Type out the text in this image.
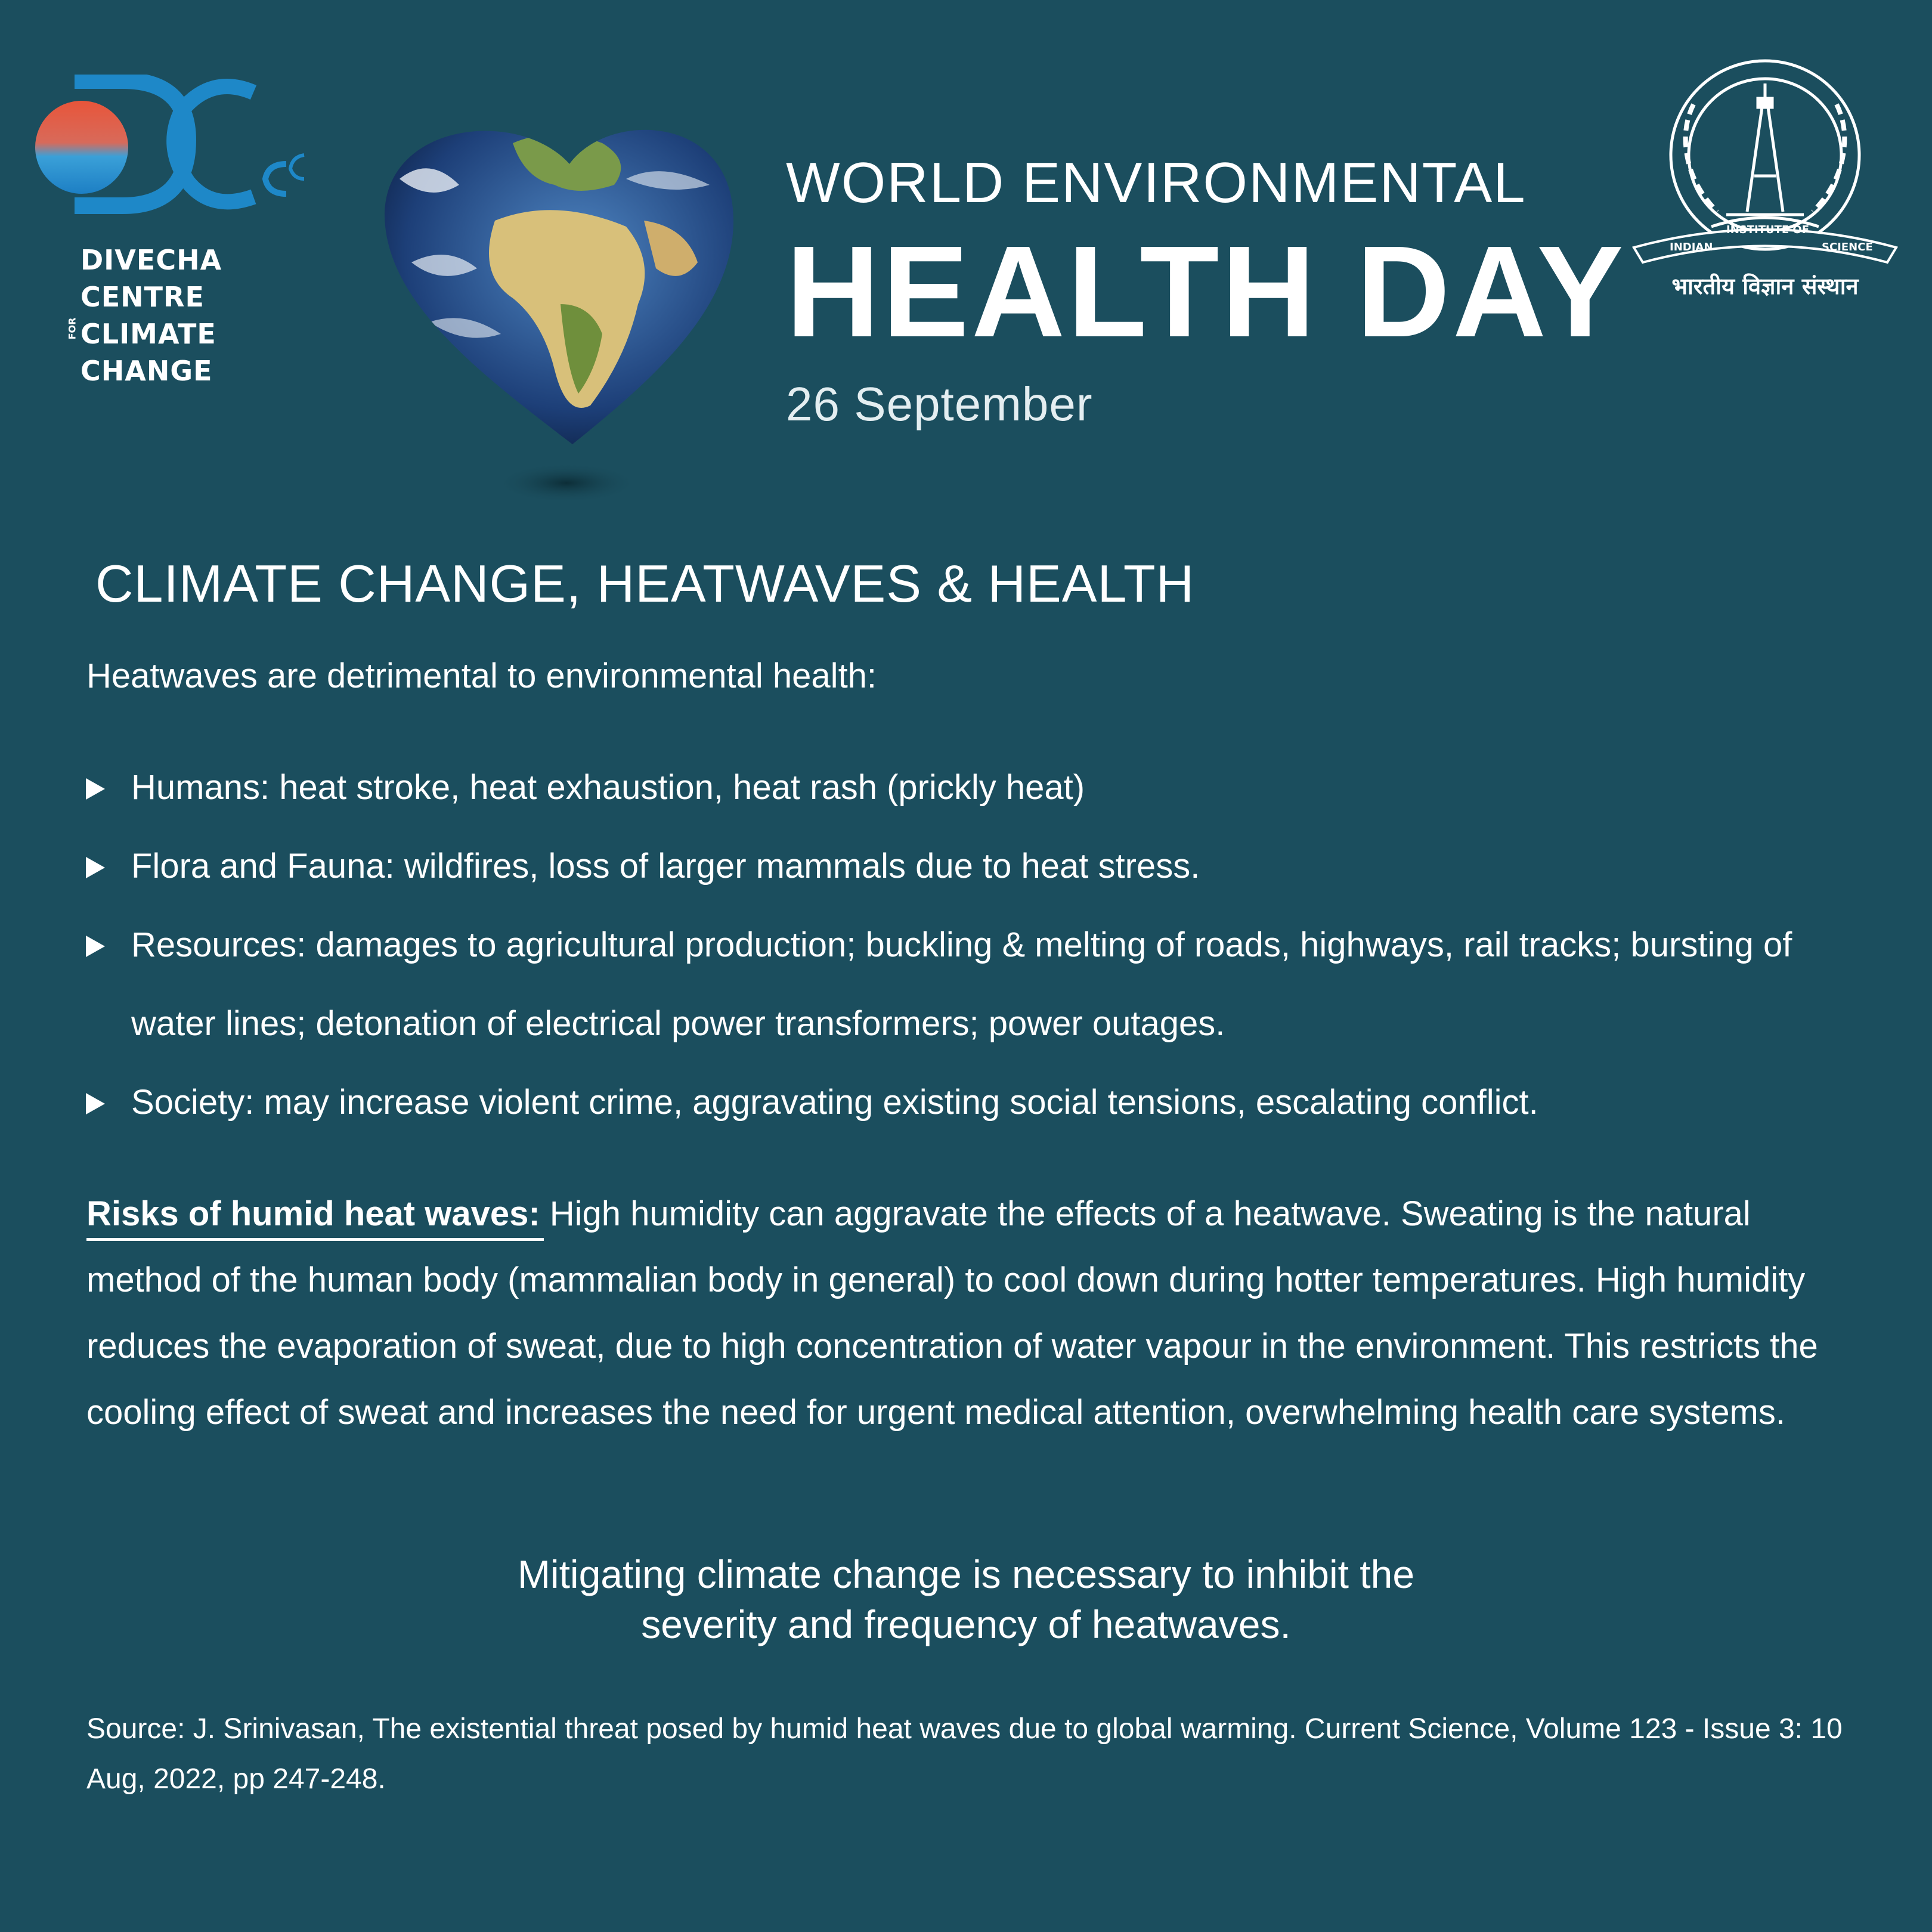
DIVECHA CENTRE
FOR CLIMATE CHANGE
WORLD ENVIRONMENTAL
HEALTH DAY
26 September
INDIAN
INSTITUTE OF
SCIENCE
भारतीय विज्ञान संस्थान
CLIMATE CHANGE, HEATWAVES & HEALTH
Heatwaves are detrimental to environmental health:
Humans: heat stroke, heat exhaustion, heat rash (prickly heat)
Flora and Fauna: wildfires, loss of larger mammals due to heat stress.
Resources: damages to agricultural production; buckling & melting of roads, highways, rail tracks; bursting of water lines; detonation of electrical power transformers; power outages.
Society: may increase violent crime, aggravating existing social tensions, escalating conflict.
Risks of humid heat waves:
High humidity can aggravate the effects of a heatwave. Sweating is the natural method of the human body (mammalian body in general) to cool down during hotter temperatures. High humidity reduces the evaporation of sweat, due to high concentration of water vapour in the environment. This restricts the cooling effect of sweat and increases the need for urgent medical attention, overwhelming health care systems.
Mitigating climate change is necessary to inhibit the
severity and frequency of heatwaves.
Source: J. Srinivasan, The existential threat posed by humid heat waves due to global warming. Current Science, Volume 123 - Issue 3: 10 Aug, 2022, pp 247-248.
